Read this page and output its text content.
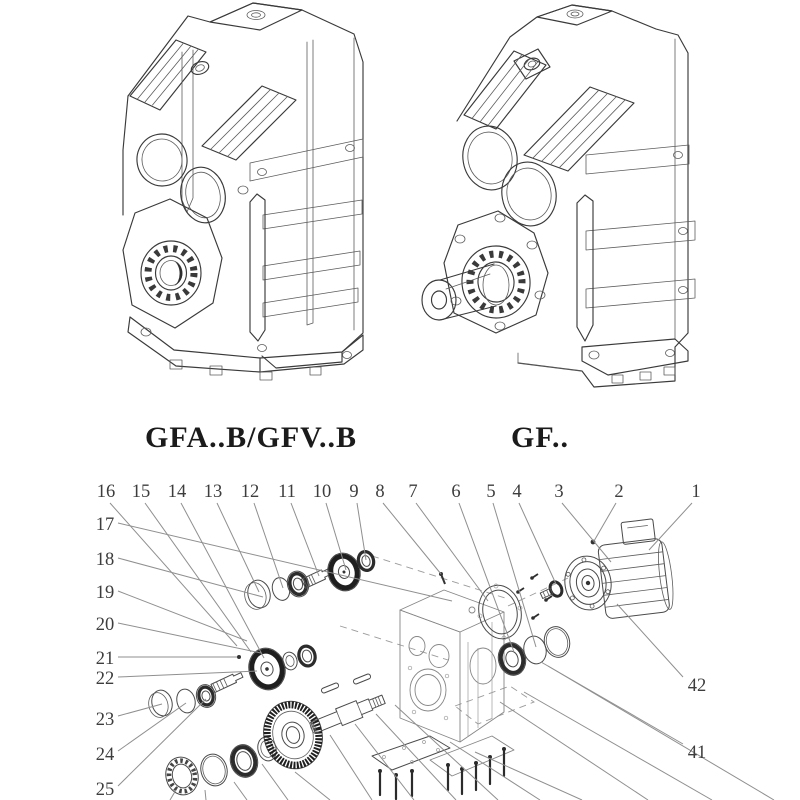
16 15 14 13 12 11 10 9 8 7 6 5 4 3	2	1
17
18
19
20
21
22
23
24
25
42
41
GFA..B/GFV..B	GF..
